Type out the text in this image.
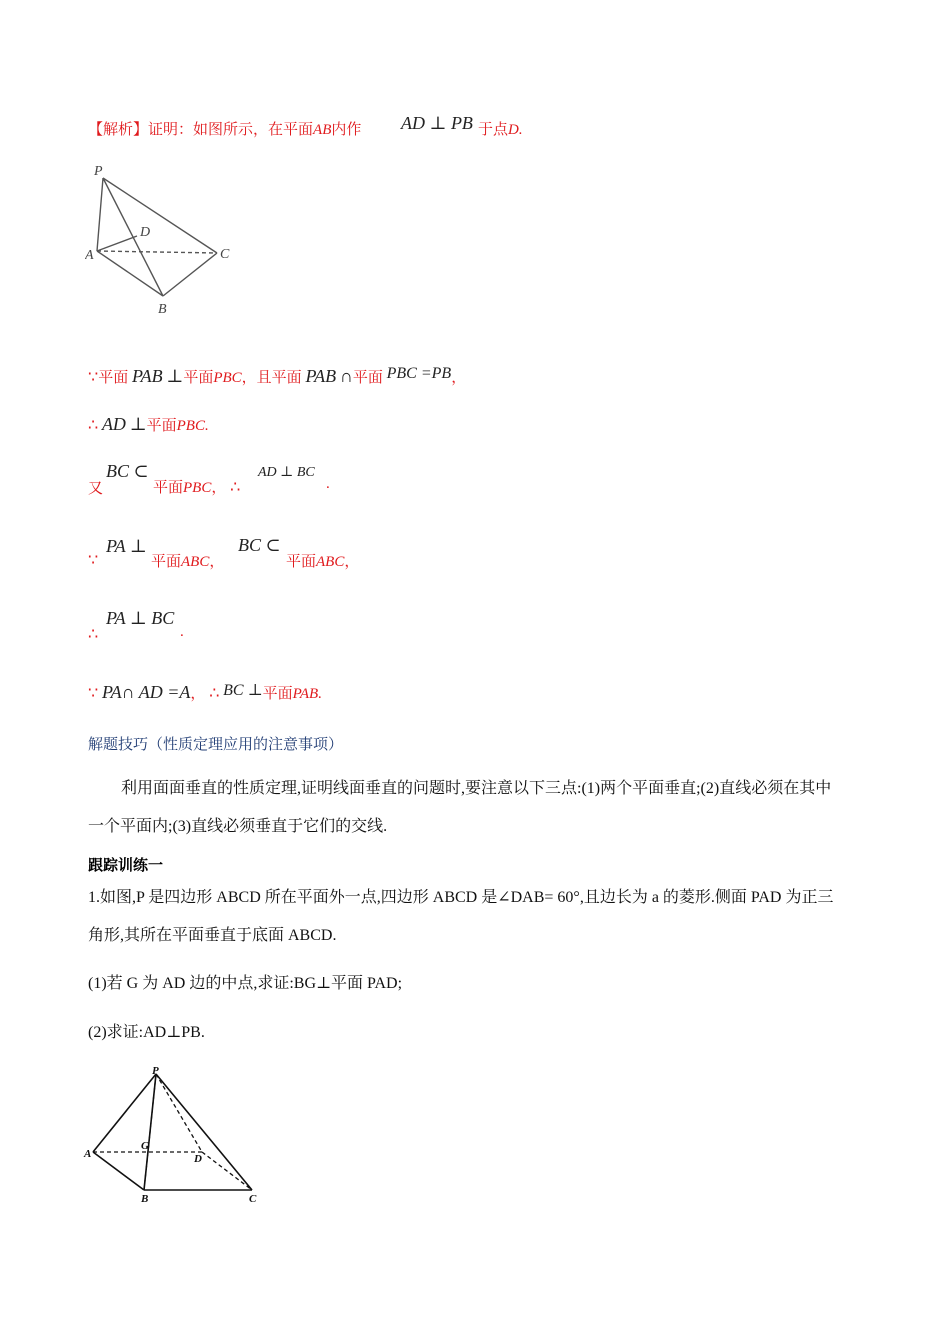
【解析】证明：如图所示，在平面AB内作 AD ⊥ PB 于点D.
P
A
D
C
B
∵平面 PAB ⊥平面PBC，且平面 PAB ∩平面 PBC =PB，
∴ AD ⊥平面PBC.
又
BC ⊂
平面PBC， ∴
AD ⊥ BC
.
∵
PA ⊥
平面ABC，
BC ⊂
平面ABC，
∴
PA ⊥ BC
.
∵ PA∩ AD =A， ∴ BC ⊥平面PAB.
解题技巧（性质定理应用的注意事项）
利用面面垂直的性质定理,证明线面垂直的问题时,要注意以下三点:(1)两个平面垂直;(2)直线必须在其中
一个平面内;(3)直线必须垂直于它们的交线.
跟踪训练一
1.如图,P 是四边形 ABCD 所在平面外一点,四边形 ABCD 是∠DAB= 60°,且边长为 a 的菱形.侧面 PAD 为正三
角形,其所在平面垂直于底面 ABCD.
(1)若 G 为 AD 边的中点,求证:BG⊥平面 PAD;
(2)求证:AD⊥PB.
P
A
G
D
B	C
